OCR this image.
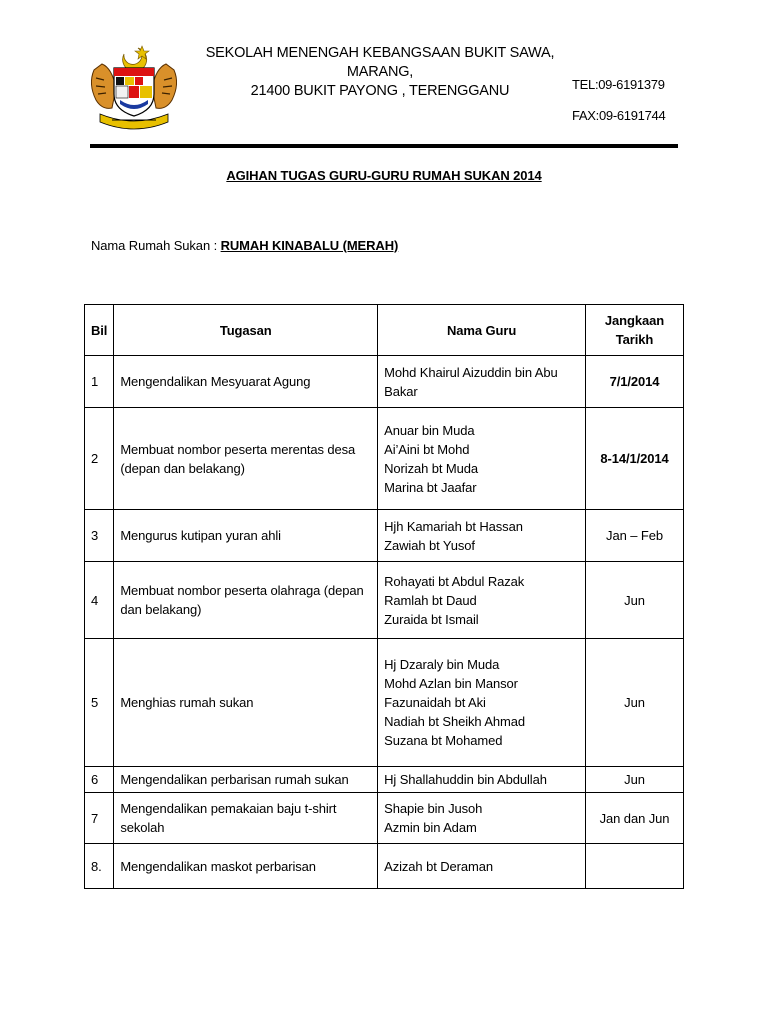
SEKOLAH MENENGAH KEBANGSAAN BUKIT SAWA,
MARANG,
21400 BUKIT PAYONG , TERENGGANU	TEL:09-6191379
FAX:09-6191744
AGIHAN TUGAS GURU-GURU RUMAH SUKAN 2014
Nama Rumah Sukan : RUMAH KINABALU (MERAH)
Bil	Tugasan	Nama Guru	Jangkaan
Tarikh

1	Mengendalikan Mesyuarat Agung	Mohd Khairul Aizuddin bin Abu
Bakar	7/1/2014
2	Membuat nombor peserta merentas desa (depan dan belakang)	Anuar bin Muda
Ai’Aini bt Mohd
Norizah bt Muda
Marina bt Jaafar	8-14/1/2014
3	Mengurus kutipan yuran ahli	Hjh Kamariah bt Hassan
Zawiah bt Yusof	Jan – Feb
4	Membuat nombor peserta olahraga (depan dan belakang)	Rohayati bt Abdul Razak
Ramlah bt Daud
Zuraida bt Ismail	Jun
5	Menghias rumah sukan	Hj Dzaraly bin Muda
Mohd Azlan bin Mansor
Fazunaidah bt Aki
Nadiah bt Sheikh Ahmad
Suzana bt Mohamed	Jun
6	Mengendalikan perbarisan rumah sukan	Hj Shallahuddin bin Abdullah	Jun
7	Mengendalikan pemakaian baju t-shirt sekolah	Shapie bin Jusoh
Azmin bin Adam	Jan dan Jun
8.	Mengendalikan maskot perbarisan	Azizah bt Deraman	
